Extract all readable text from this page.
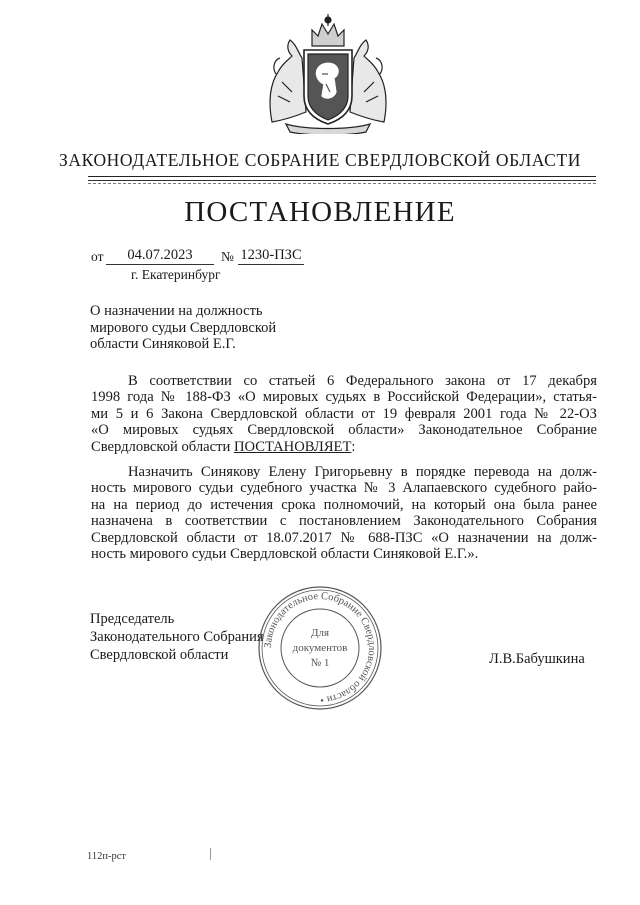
ЗАКОНОДАТЕЛЬНОЕ СОБРАНИЕ СВЕРДЛОВСКОЙ ОБЛАСТИ
ПОСТАНОВЛЕНИЕ
от	04.07.2023	№ 1230-ПЗС
г. Екатеринбург
О назначении на должность
мирового судьи Свердловской
области Синяковой Е.Г.
В соответствии со статьей 6 Федерального закона от 17 декабря
1998 года № 188-ФЗ «О мировых судьях в Российской Федерации», статья-
ми 5 и 6 Закона Свердловской области от 19 февраля 2001 года № 22-ОЗ
«О мировых судьях Свердловской области» Законодательное Собрание
Свердловской области ПОСТАНОВЛЯЕТ:
Назначить Синякову Елену Григорьевну в порядке перевода на долж-
ность мирового судьи судебного участка № 3 Алапаевского судебного райо-
на на период до истечения срока полномочий, на который она была ранее
назначена в соответствии с постановлением Законодательного Собрания
Свердловской области от 18.07.2017 № 688-ПЗС «О назначении на долж-
ность мирового судьи Свердловской области Синяковой Е.Г.».
Председатель
Законодательного Собрания
Свердловской области	Л.В.Бабушкина
Законодательное Собрание Свердловской области •
Для
документов
№ 1
112п-рст
